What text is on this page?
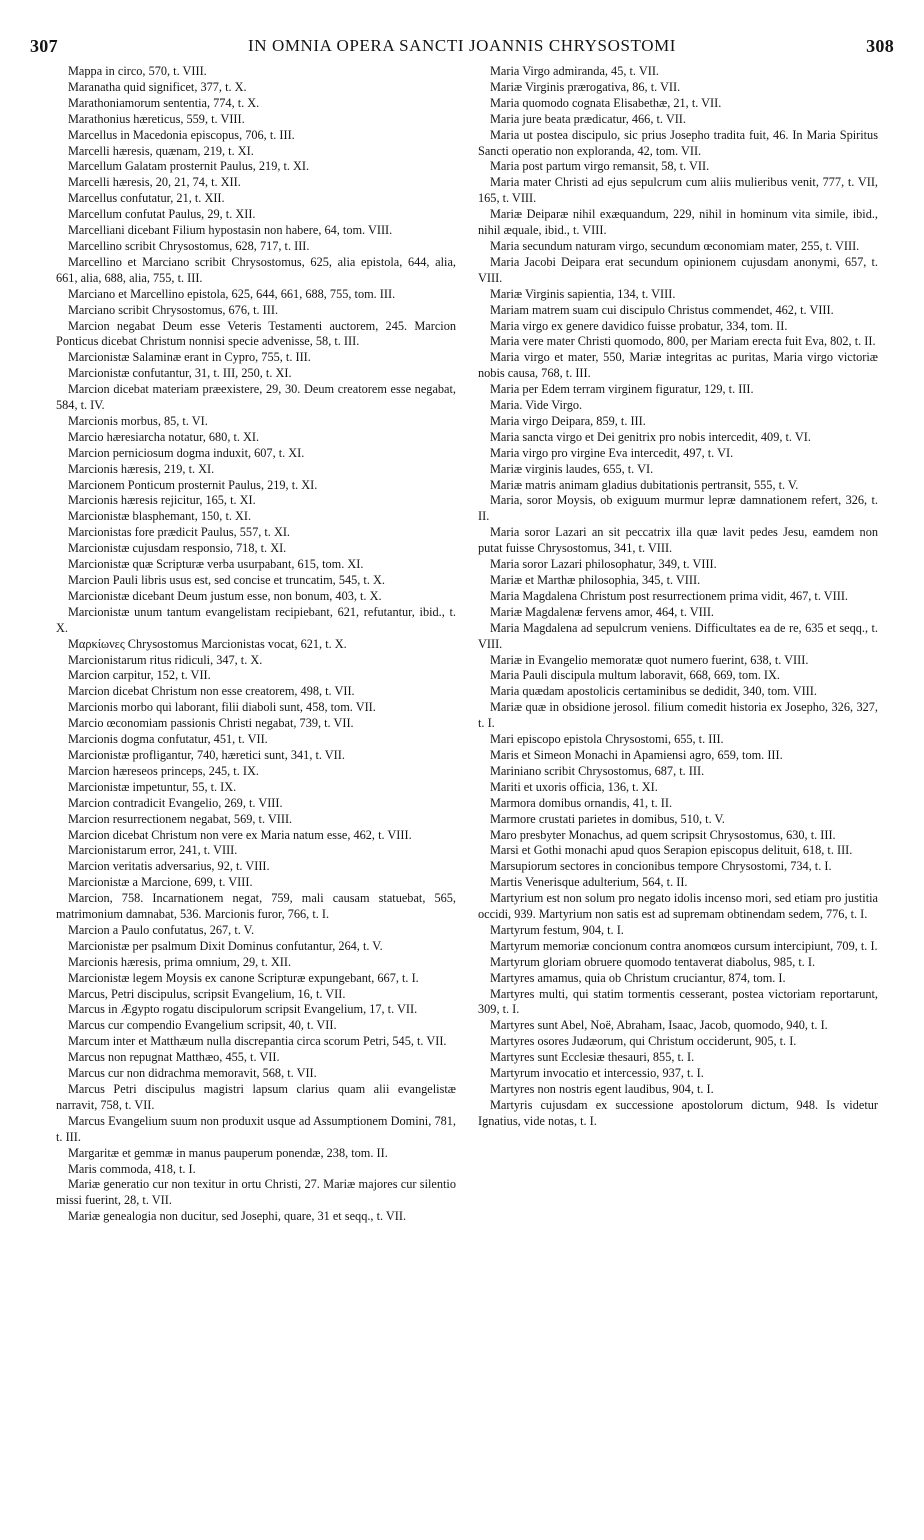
307	IN OMNIA OPERA SANCTI JOANNIS CHRYSOSTOMI	308

Mappa in circo, 570, t. VIII.

Maranatha quid significet, 377, t. X.

Marathoniamorum sententia, 774, t. X.

Marathonius hæreticus, 559, t. VIII.

Marcellus in Macedonia episcopus, 706, t. III.

Marcelli hæresis, quænam, 219, t. XI.

Marcellum Galatam prosternit Paulus, 219, t. XI.

Marcelli hæresis, 20, 21, 74, t. XII.

Marcellus confutatur, 21, t. XII.

Marcellum confutat Paulus, 29, t. XII.

Marcelliani dicebant Filium hypostasin non habere, 64, tom. VIII.

Marcellino scribit Chrysostomus, 628, 717, t. III.

Marcellino et Marciano scribit Chrysostomus, 625, alia epistola, 644, alia, 661, alia, 688, alia, 755, t. III.

Marciano et Marcellino epistola, 625, 644, 661, 688, 755, tom. III.

Marciano scribit Chrysostomus, 676, t. III.

Marcion negabat Deum esse Veteris Testamenti auctorem, 245. Marcion Ponticus dicebat Christum nonnisi specie advenisse, 58, t. III.

Marcionistæ Salaminæ erant in Cypro, 755, t. III.

Marcionistæ confutantur, 31, t. III, 250, t. XI.

Marcion dicebat materiam præexistere, 29, 30. Deum creatorem esse negabat, 584, t. IV.

Marcionis morbus, 85, t. VI.

Marcio hæresiarcha notatur, 680, t. XI.

Marcion perniciosum dogma induxit, 607, t. XI.

Marcionis hæresis, 219, t. XI.

Marcionem Ponticum prosternit Paulus, 219, t. XI.

Marcionis hæresis rejicitur, 165, t. XI.

Marcionistæ blasphemant, 150, t. XI.

Marcionistas fore prædicit Paulus, 557, t. XI.

Marcionistæ cujusdam responsio, 718, t. XI.

Marcionistæ quæ Scripturæ verba usurpabant, 615, tom. XI.

Marcion Pauli libris usus est, sed concise et truncatim, 545, t. X.

Marcionistæ dicebant Deum justum esse, non bonum, 403, t. X.

Marcionistæ unum tantum evangelistam recipiebant, 621, refutantur, ibid., t. X.

Μαρκίωνες Chrysostomus Marcionistas vocat, 621, t. X.

Marcionistarum ritus ridiculi, 347, t. X.

Marcion carpitur, 152, t. VII.

Marcion dicebat Christum non esse creatorem, 498, t. VII.

Marcionis morbo qui laborant, filii diaboli sunt, 458, tom. VII.

Marcio œconomiam passionis Christi negabat, 739, t. VII.

Marcionis dogma confutatur, 451, t. VII.

Marcionistæ profligantur, 740, hæretici sunt, 341, t. VII.

Marcion hæreseos princeps, 245, t. IX.

Marcionistæ impetuntur, 55, t. IX.

Marcion contradicit Evangelio, 269, t. VIII.

Marcion resurrectionem negabat, 569, t. VIII.

Marcion dicebat Christum non vere ex Maria natum esse, 462, t. VIII.

Marcionistarum error, 241, t. VIII.

Marcion veritatis adversarius, 92, t. VIII.

Marcionistæ a Marcione, 699, t. VIII.

Marcion, 758. Incarnationem negat, 759, mali causam statuebat, 565, matrimonium damnabat, 536. Marcionis furor, 766, t. I.

Marcion a Paulo confutatus, 267, t. V.

Marcionistæ per psalmum Dixit Dominus confutantur, 264, t. V.

Marcionis hæresis, prima omnium, 29, t. XII.

Marcionistæ legem Moysis ex canone Scripturæ expungebant, 667, t. I.

Marcus, Petri discipulus, scripsit Evangelium, 16, t. VII.

Marcus in Ægypto rogatu discipulorum scripsit Evangelium, 17, t. VII.

Marcus cur compendio Evangelium scripsit, 40, t. VII.

Marcum inter et Matthæum nulla discrepantia circa scorum Petri, 545, t. VII.

Marcus non repugnat Matthæo, 455, t. VII.

Marcus cur non didrachma memoravit, 568, t. VII.

Marcus Petri discipulus magistri lapsum clarius quam alii evangelistæ narravit, 758, t. VII.

Marcus Evangelium suum non produxit usque ad Assumptionem Domini, 781, t. III.

Margaritæ et gemmæ in manus pauperum ponendæ, 238, tom. II.

Maris commoda, 418, t. I.

Mariæ generatio cur non texitur in ortu Christi, 27. Mariæ majores cur silentio missi fuerint, 28, t. VII.

Mariæ genealogia non ducitur, sed Josephi, quare, 31 et seqq., t. VII.

Maria Virgo admiranda, 45, t. VII.

Mariæ Virginis prærogativa, 86, t. VII.

Maria quomodo cognata Elisabethæ, 21, t. VII.

Maria jure beata prædicatur, 466, t. VII.

Maria ut postea discipulo, sic prius Josepho tradita fuit, 46. In Maria Spiritus Sancti operatio non exploranda, 42, tom. VII.

Maria post partum virgo remansit, 58, t. VII.

Maria mater Christi ad ejus sepulcrum cum aliis mulieribus venit, 777, t. VII, 165, t. VIII.

Mariæ Deiparæ nihil exæquandum, 229, nihil in hominum vita simile, ibid., nihil æquale, ibid., t. VIII.

Maria secundum naturam virgo, secundum œconomiam mater, 255, t. VIII.

Maria Jacobi Deipara erat secundum opinionem cujusdam anonymi, 657, t. VIII.

Mariæ Virginis sapientia, 134, t. VIII.

Mariam matrem suam cui discipulo Christus commendet, 462, t. VIII.

Maria virgo ex genere davidico fuisse probatur, 334, tom. II.

Maria vere mater Christi quomodo, 800, per Mariam erecta fuit Eva, 802, t. II.

Maria virgo et mater, 550, Mariæ integritas ac puritas, Maria virgo victoriæ nobis causa, 768, t. III.

Maria per Edem terram virginem figuratur, 129, t. III.

Maria. Vide Virgo.

Maria virgo Deipara, 859, t. III.

Maria sancta virgo et Dei genitrix pro nobis intercedit, 409, t. VI.

Maria virgo pro virgine Eva intercedit, 497, t. VI.

Mariæ virginis laudes, 655, t. VI.

Mariæ matris animam gladius dubitationis pertransit, 555, t. V.

Maria, soror Moysis, ob exiguum murmur lepræ damnationem refert, 326, t. II.

Maria soror Lazari an sit peccatrix illa quæ lavit pedes Jesu, eamdem non putat fuisse Chrysostomus, 341, t. VIII.

Maria soror Lazari philosophatur, 349, t. VIII.

Mariæ et Marthæ philosophia, 345, t. VIII.

Maria Magdalena Christum post resurrectionem prima vidit, 467, t. VIII.

Mariæ Magdalenæ fervens amor, 464, t. VIII.

Maria Magdalena ad sepulcrum veniens. Difficultates ea de re, 635 et seqq., t. VIII.

Mariæ in Evangelio memoratæ quot numero fuerint, 638, t. VIII.

Maria Pauli discipula multum laboravit, 668, 669, tom. IX.

Maria quædam apostolicis certaminibus se dedidit, 340, tom. VIII.

Mariæ quæ in obsidione jerosol. filium comedit historia ex Josepho, 326, 327, t. I.

Mari episcopo epistola Chrysostomi, 655, t. III.

Maris et Simeon Monachi in Apamiensi agro, 659, tom. III.

Mariniano scribit Chrysostomus, 687, t. III.

Mariti et uxoris officia, 136, t. XI.

Marmora domibus ornandis, 41, t. II.

Marmore crustati parietes in domibus, 510, t. V.

Maro presbyter Monachus, ad quem scripsit Chrysostomus, 630, t. III.

Marsi et Gothi monachi apud quos Serapion episcopus delituit, 618, t. III.

Marsupiorum sectores in concionibus tempore Chrysostomi, 734, t. I.

Martis Venerisque adulterium, 564, t. II.

Martyrium est non solum pro negato idolis incenso mori, sed etiam pro justitia occidi, 939. Martyrium non satis est ad supremam obtinendam sedem, 776, t. I.

Martyrum festum, 904, t. I.

Martyrum memoriæ concionum contra anomœos cursum intercipiunt, 709, t. I.

Martyrum gloriam obruere quomodo tentaverat diabolus, 985, t. I.

Martyres amamus, quia ob Christum cruciantur, 874, tom. I.

Martyres multi, qui statim tormentis cesserant, postea victoriam reportarunt, 309, t. I.

Martyres sunt Abel, Noë, Abraham, Isaac, Jacob, quomodo, 940, t. I.

Martyres osores Judæorum, qui Christum occiderunt, 905, t. I.

Martyres sunt Ecclesiæ thesauri, 855, t. I.

Martyrum invocatio et intercessio, 937, t. I.

Martyres non nostris egent laudibus, 904, t. I.

Martyris cujusdam ex successione apostolorum dictum, 948. Is videtur Ignatius, vide notas, t. I.
